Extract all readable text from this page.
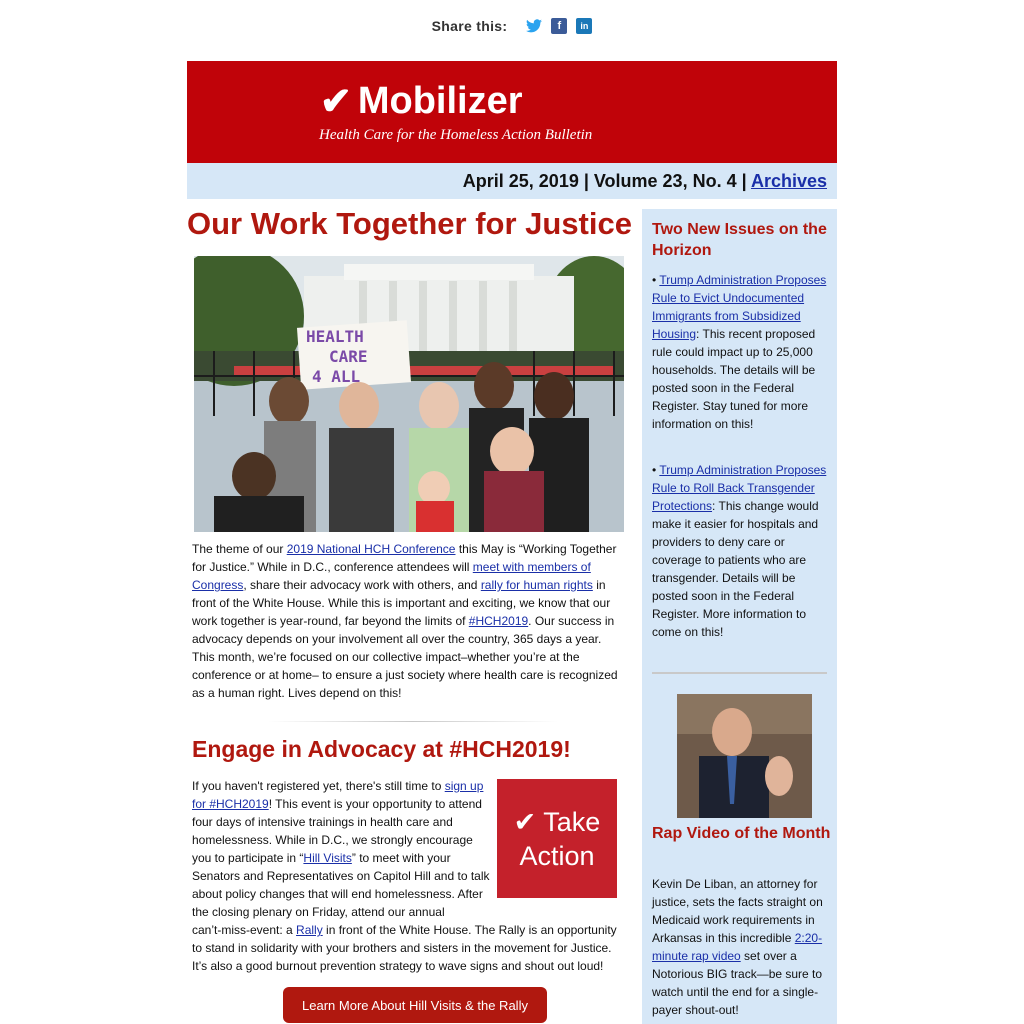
Share this:	f	in
✔ Mobilizer
Health Care for the Homeless Action Bulletin
April 25, 2019 | Volume 23, No. 4 | Archives
Our Work Together for Justice
HEALTH
CARE
4 ALL
The theme of our 2019 National HCH Conference this May is “Working Together for Justice.” While in D.C., conference attendees will meet with members of Congress, share their advocacy work with others, and rally for human rights in front of the White House. While this is important and exciting, we know that our work together is year-round, far beyond the limits of #HCH2019. Our success in advocacy depends on your involvement all over the country, 365 days a year. This month, we’re focused on our collective impact–whether you’re at the conference or at home– to ensure a just society where health care is recognized as a human right. Lives depend on this!
Engage in Advocacy at #HCH2019!
✔ Take
Action
If you haven't registered yet, there's still time to sign up for #HCH2019! This event is your opportunity to attend four days of intensive trainings in health care and homelessness. While in D.C., we strongly encourage you to participate in “Hill Visits” to meet with your Senators and Representatives on Capitol Hill and to talk about policy changes that will end homelessness. After the closing plenary on Friday, attend our annual
can’t-miss-event: a Rally in front of the White House. The Rally is an opportunity to stand in solidarity with your brothers and sisters in the movement for Justice. It’s also a good burnout prevention strategy to wave signs and shout out loud!
Learn More About Hill Visits & the Rally
Two New Issues on the Horizon
• Trump Administration Proposes Rule to Evict Undocumented Immigrants from Subsidized Housing: This recent proposed rule could impact up to 25,000 households. The details will be posted soon in the Federal Register. Stay tuned for more information on this!
• Trump Administration Proposes Rule to Roll Back Transgender Protections: This change would make it easier for hospitals and providers to deny care or coverage to patients who are transgender. Details will be posted soon in the Federal Register. More information to come on this!
Rap Video of the Month
Kevin De Liban, an attorney for justice, sets the facts straight on Medicaid work requirements in Arkansas in this incredible 2:20-minute rap video set over a Notorious BIG track—be sure to watch until the end for a single-payer shout-out!
